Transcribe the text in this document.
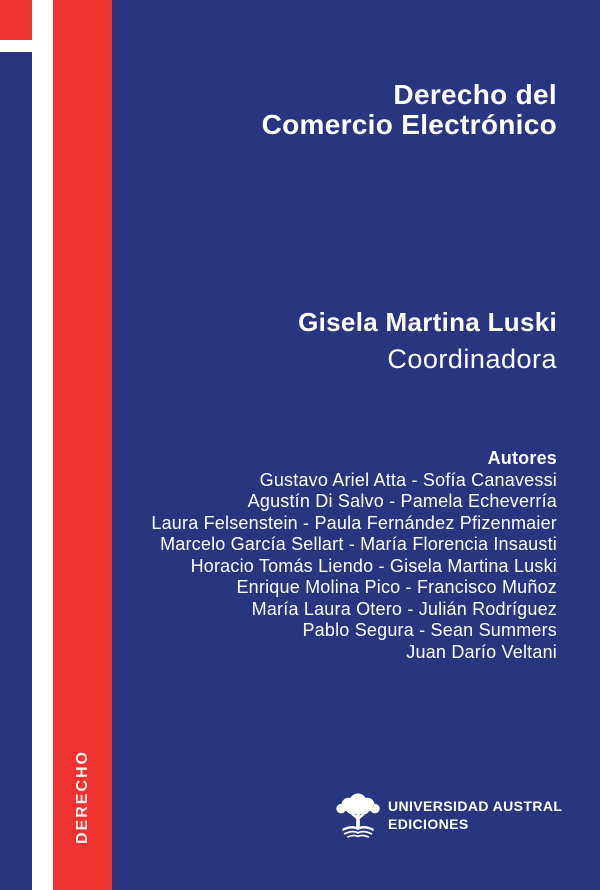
DERECHO
Derecho del
Comercio Electrónico
Gisela Martina Luski
Coordinadora
Autores
Gustavo Ariel Atta - Sofía Canavessi
Agustín Di Salvo - Pamela Echeverría
Laura Felsenstein - Paula Fernández Pfizenmaier
Marcelo García Sellart - María Florencia Insausti
Horacio Tomás Liendo - Gisela Martina Luski
Enrique Molina Pico - Francisco Muñoz
María Laura Otero - Julián Rodríguez
Pablo Segura - Sean Summers
Juan Darío Veltani
UNIVERSIDAD AUSTRAL
EDICIONES
